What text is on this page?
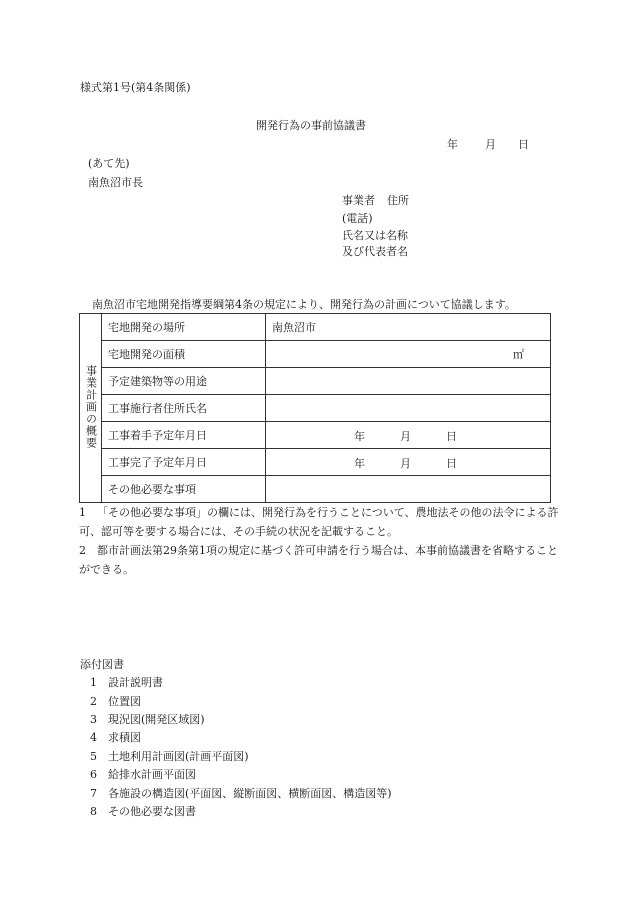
様式第1号(第4条関係)
開発行為の事前協議書
年 月 日
(あて先)
南魚沼市長
事業者 住所
(電話)
氏名又は名称
及び代表者名
南魚沼市宅地開発指導要綱第4条の規定により、開発行為の計画について協議します。
事業計画の概要	宅地開発の場所	南魚沼市
	宅地開発の面積	㎡
	予定建築物等の用途	
	工事施行者住所氏名	
	工事着手予定年月日	年 月 日

	工事完了予定年月日	年 月 日

	その他必要な事項	
1 「その他必要な事項」の欄には、開発行為を行うことについて、農地法その他の法令による許可、認可等を要する場合には、その手続の状況を記載すること。
2 都市計画法第29条第1項の規定に基づく許可申請を行う場合は、本事前協議書を省略することができる。
添付図書
1 設計説明書
2 位置図
3 現況図(開発区域図)
4 求積図
5 土地利用計画図(計画平面図)
6 給排水計画平面図
7 各施設の構造図(平面図、縦断面図、横断面図、構造図等)
8 その他必要な図書
